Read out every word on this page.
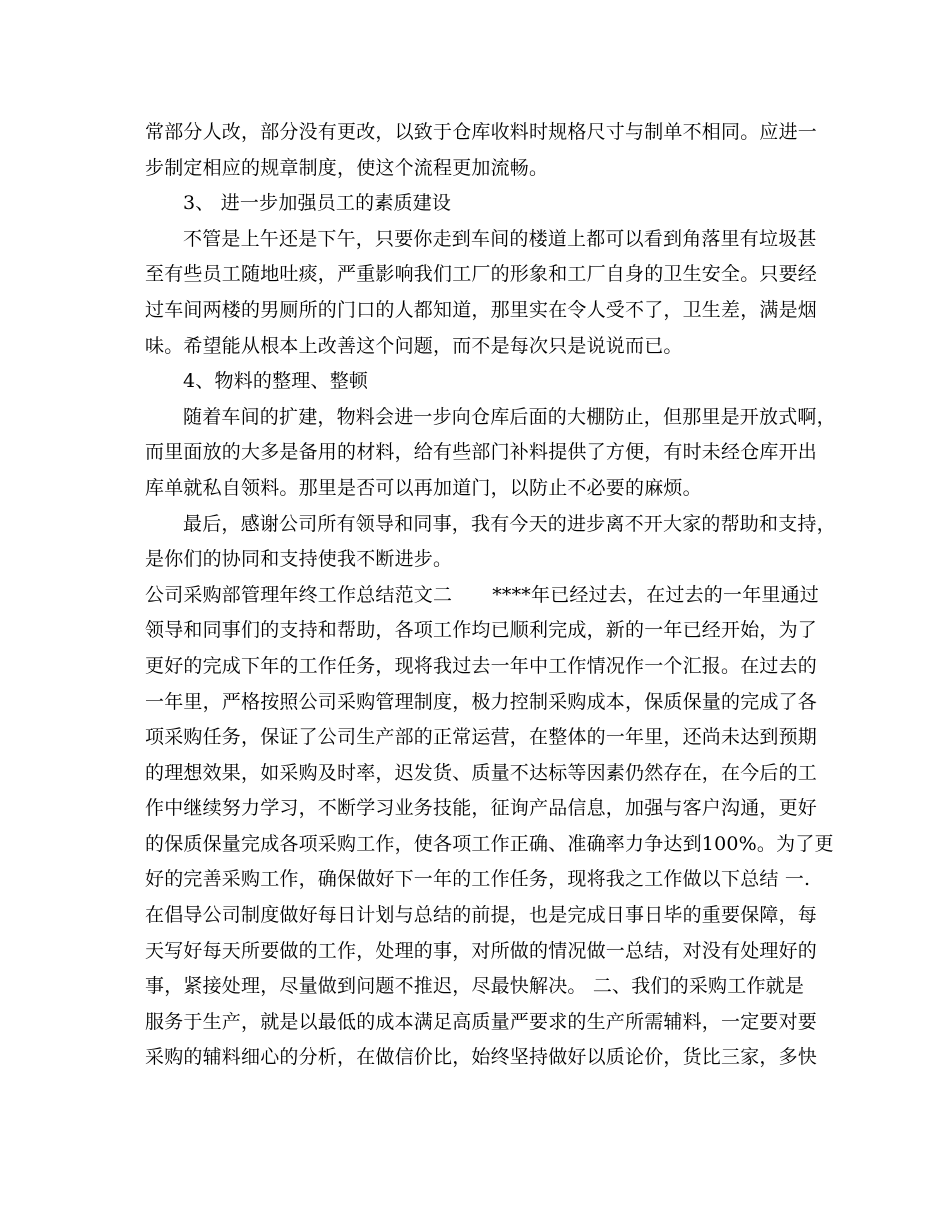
常部分人改，部分没有更改，以致于仓库收料时规格尺寸与制单不相同。应进一
步制定相应的规章制度，使这个流程更加流畅。
3、 进一步加强员工的素质建设
不管是上午还是下午，只要你走到车间的楼道上都可以看到角落里有垃圾甚
至有些员工随地吐痰，严重影响我们工厂的形象和工厂自身的卫生安全。只要经
过车间两楼的男厕所的门口的人都知道，那里实在令人受不了，卫生差，满是烟
味。希望能从根本上改善这个问题，而不是每次只是说说而已。
4、物料的整理、整顿
随着车间的扩建，物料会进一步向仓库后面的大棚防止，但那里是开放式啊，
而里面放的大多是备用的材料，给有些部门补料提供了方便，有时未经仓库开出
库单就私自领料。那里是否可以再加道门，以防止不必要的麻烦。
最后，感谢公司所有领导和同事，我有今天的进步离不开大家的帮助和支持，
是你们的协同和支持使我不断进步。
公司采购部管理年终工作总结范文二 ****年已经过去，在过去的一年里通过
领导和同事们的支持和帮助，各项工作均已顺利完成，新的一年已经开始，为了
更好的完成下年的工作任务，现将我过去一年中工作情况作一个汇报。在过去的
一年里，严格按照公司采购管理制度，极力控制采购成本，保质保量的完成了各
项采购任务，保证了公司生产部的正常运营，在整体的一年里，还尚未达到预期
的理想效果，如采购及时率，迟发货、质量不达标等因素仍然存在，在今后的工
作中继续努力学习，不断学习业务技能，征询产品信息，加强与客户沟通，更好
的保质保量完成各项采购工作，使各项工作正确、准确率力争达到100%。为了更
好的完善采购工作，确保做好下一年的工作任务，现将我之工作做以下总结 一.
在倡导公司制度做好每日计划与总结的前提，也是完成日事日毕的重要保障，每
天写好每天所要做的工作，处理的事，对所做的情况做一总结，对没有处理好的
事，紧接处理，尽量做到问题不推迟，尽最快解决。 二、我们的采购工作就是
服务于生产，就是以最低的成本满足高质量严要求的生产所需辅料，一定要对要
采购的辅料细心的分析，在做信价比，始终坚持做好以质论价，货比三家，多快
